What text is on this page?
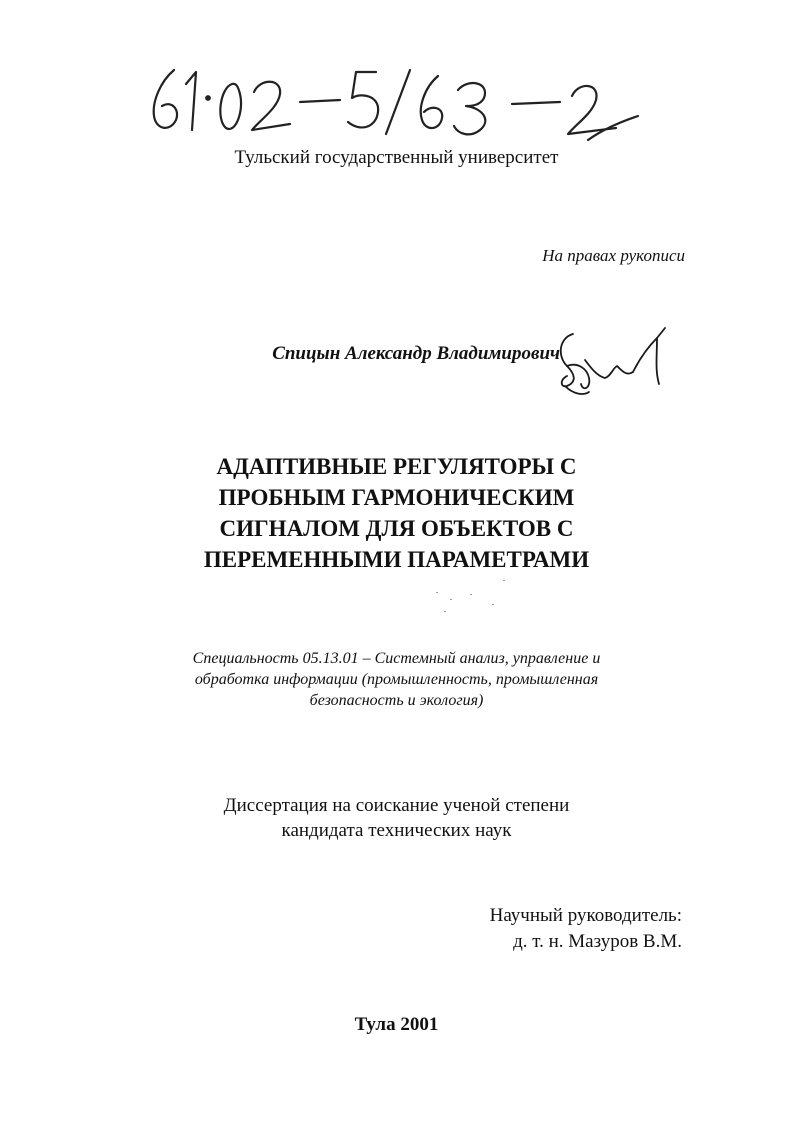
Тульский государственный университет
На правах рукописи
Спицын Александр Владимирович
АДАПТИВНЫЕ РЕГУЛЯТОРЫ С
ПРОБНЫМ ГАРМОНИЧЕСКИМ
СИГНАЛОМ ДЛЯ ОБЪЕКТОВ С
ПЕРЕМЕННЫМИ ПАРАМЕТРАМИ
Специальность 05.13.01 – Системный анализ, управление и
обработка информации (промышленность, промышленная
безопасность и экология)
Диссертация на соискание ученой степени
кандидата технических наук
Научный руководитель:
д. т. н. Мазуров В.М.
Тула 2001
